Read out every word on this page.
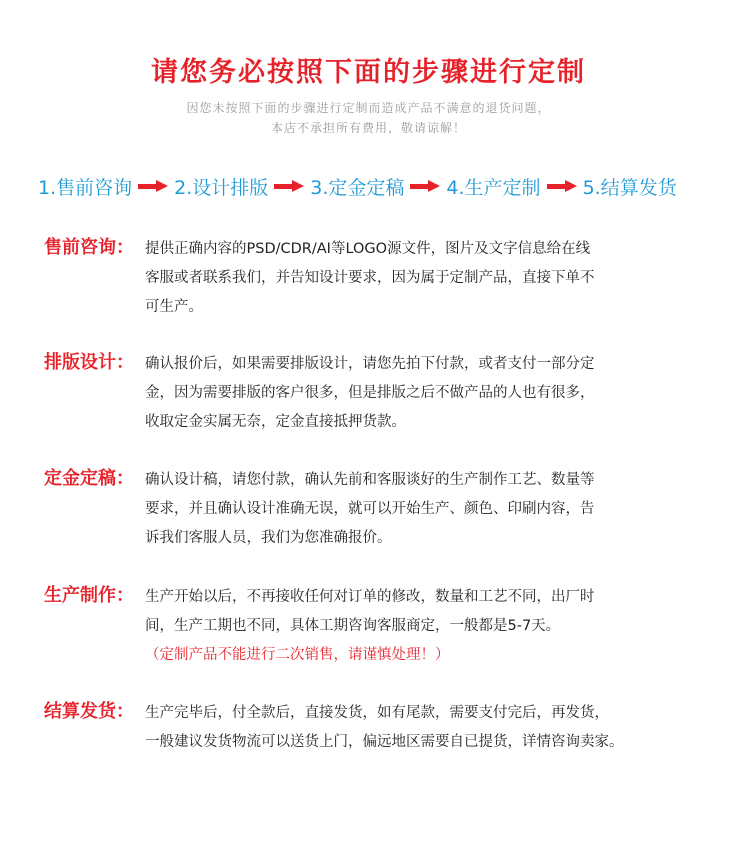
请您务必按照下面的步骤进行定制
因您未按照下面的步骤进行定制而造成产品不满意的退货问题，
本店不承担所有费用，敬请谅解！
1.售前咨询 2.设计排版 3.定金定稿 4.生产定制 5.结算发货
售前咨询： 提供正确内容的PSD/CDR/AI等LOGO源文件，图片及文字信息给在线
客服或者联系我们，并告知设计要求，因为属于定制产品，直接下单不
可生产。
排版设计： 确认报价后，如果需要排版设计，请您先拍下付款，或者支付一部分定
金，因为需要排版的客户很多，但是排版之后不做产品的人也有很多，
收取定金实属无奈，定金直接抵押货款。
定金定稿： 确认设计稿，请您付款，确认先前和客服谈好的生产制作工艺、数量等
要求，并且确认设计准确无误，就可以开始生产、颜色、印刷内容，告
诉我们客服人员，我们为您准确报价。
生产制作： 生产开始以后，不再接收任何对订单的修改，数量和工艺不同，出厂时
间，生产工期也不同，具体工期咨询客服商定，一般都是5-7天。
（定制产品不能进行二次销售，请谨慎处理！）
结算发货： 生产完毕后，付全款后，直接发货，如有尾款，需要支付完后，再发货，
一般建议发货物流可以送货上门，偏远地区需要自已提货，详情咨询卖家。
